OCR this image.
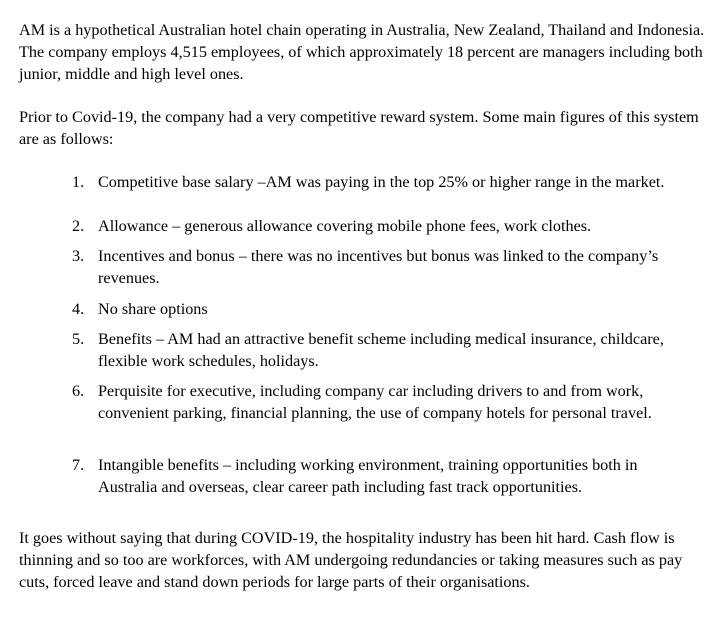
AM is a hypothetical Australian hotel chain operating in Australia, New Zealand, Thailand and Indonesia. The company employs 4,515 employees, of which approximately 18 percent are managers including both junior, middle and high level ones.

Prior to Covid-19, the company had a very competitive reward system. Some main figures of this system are as follows:

1. Competitive base salary –AM was paying in the top 25% or higher range in the market.
2. Allowance – generous allowance covering mobile phone fees, work clothes.
3. Incentives and bonus – there was no incentives but bonus was linked to the company’s revenues.
4. No share options
5. Benefits – AM had an attractive benefit scheme including medical insurance, childcare, flexible work schedules, holidays.
6. Perquisite for executive, including company car including drivers to and from work, convenient parking, financial planning, the use of company hotels for personal travel.
7. Intangible benefits – including working environment, training opportunities both in Australia and overseas, clear career path including fast track opportunities.

It goes without saying that during COVID-19, the hospitality industry has been hit hard. Cash flow is thinning and so too are workforces, with AM undergoing redundancies or taking measures such as pay cuts, forced leave and stand down periods for large parts of their organisations.
